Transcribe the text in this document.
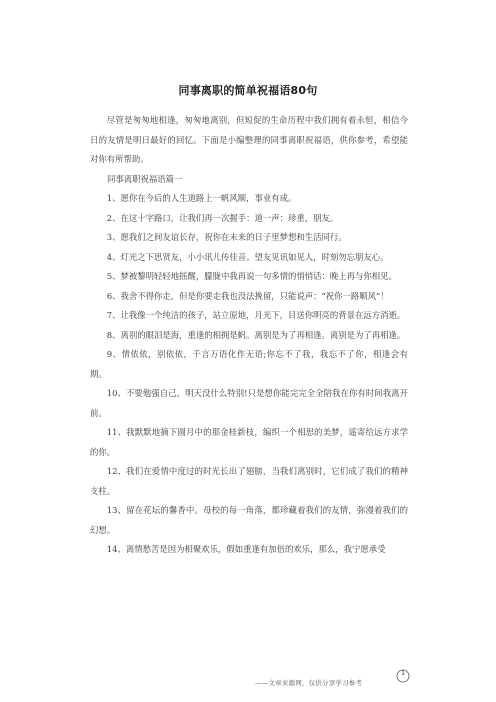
同事离职的简单祝福语80句

尽管是匆匆地相逢，匆匆地离别，但短促的生命历程中我们拥有着永恒，相信今日的友情是明日最好的回忆。下面是小编整理的同事离职祝福语，供你参考，希望能对你有所帮助。

同事离职祝福语篇一

1、愿你在今后的人生道路上一帆风顺，事业有成。

2、在这十字路口，让我们再一次握手：道一声：珍重，朋友。

3、愿我们之间友谊长存，祝你在未来的日子里梦想和生活同行。

4、灯光之下思贤友，小小讯儿传佳音。望友见讯如见人，时刻勿忘朋友心。

5、梦被黎明轻轻地摇醒，朦胧中我再说一句多情的悄悄话：晚上再与你相见。

6、我舍不得你走，但是你要走我也没法挽留，只能说声：“祝你一路顺风”！

7、让我像一个纯洁的孩子，站立原地，月光下，目送你明亮的背景在远方消逝。

8、离别的眼泪是海，重逢的相拥是帆。离别是为了再相逢。离别是为了再相逢。

9、情依依，别依依，千言万语化作无语;你忘不了我，我忘不了你，相逢会有期。

10、不要勉强自己，明天没什么特别!只是想你能完完全全陪我在你有时间我离开前。

11、我默默地摘下圆月中的那金桂新枝，编织一个相思的美梦，遥寄给远方求学的你。

12、我们在爱情中度过的时光长出了翅膀，当我们离别时，它们成了我们的精神支柱。

13、留在花坛的馨香中。母校的每一角落，都珍藏着我们的友情，弥漫着我们的幻想。

14、离情愁苦是因为相聚欢乐，假如重逢有加倍的欢乐，那么，我宁愿承受

——文章来源网，仅供分享学习参考
1
